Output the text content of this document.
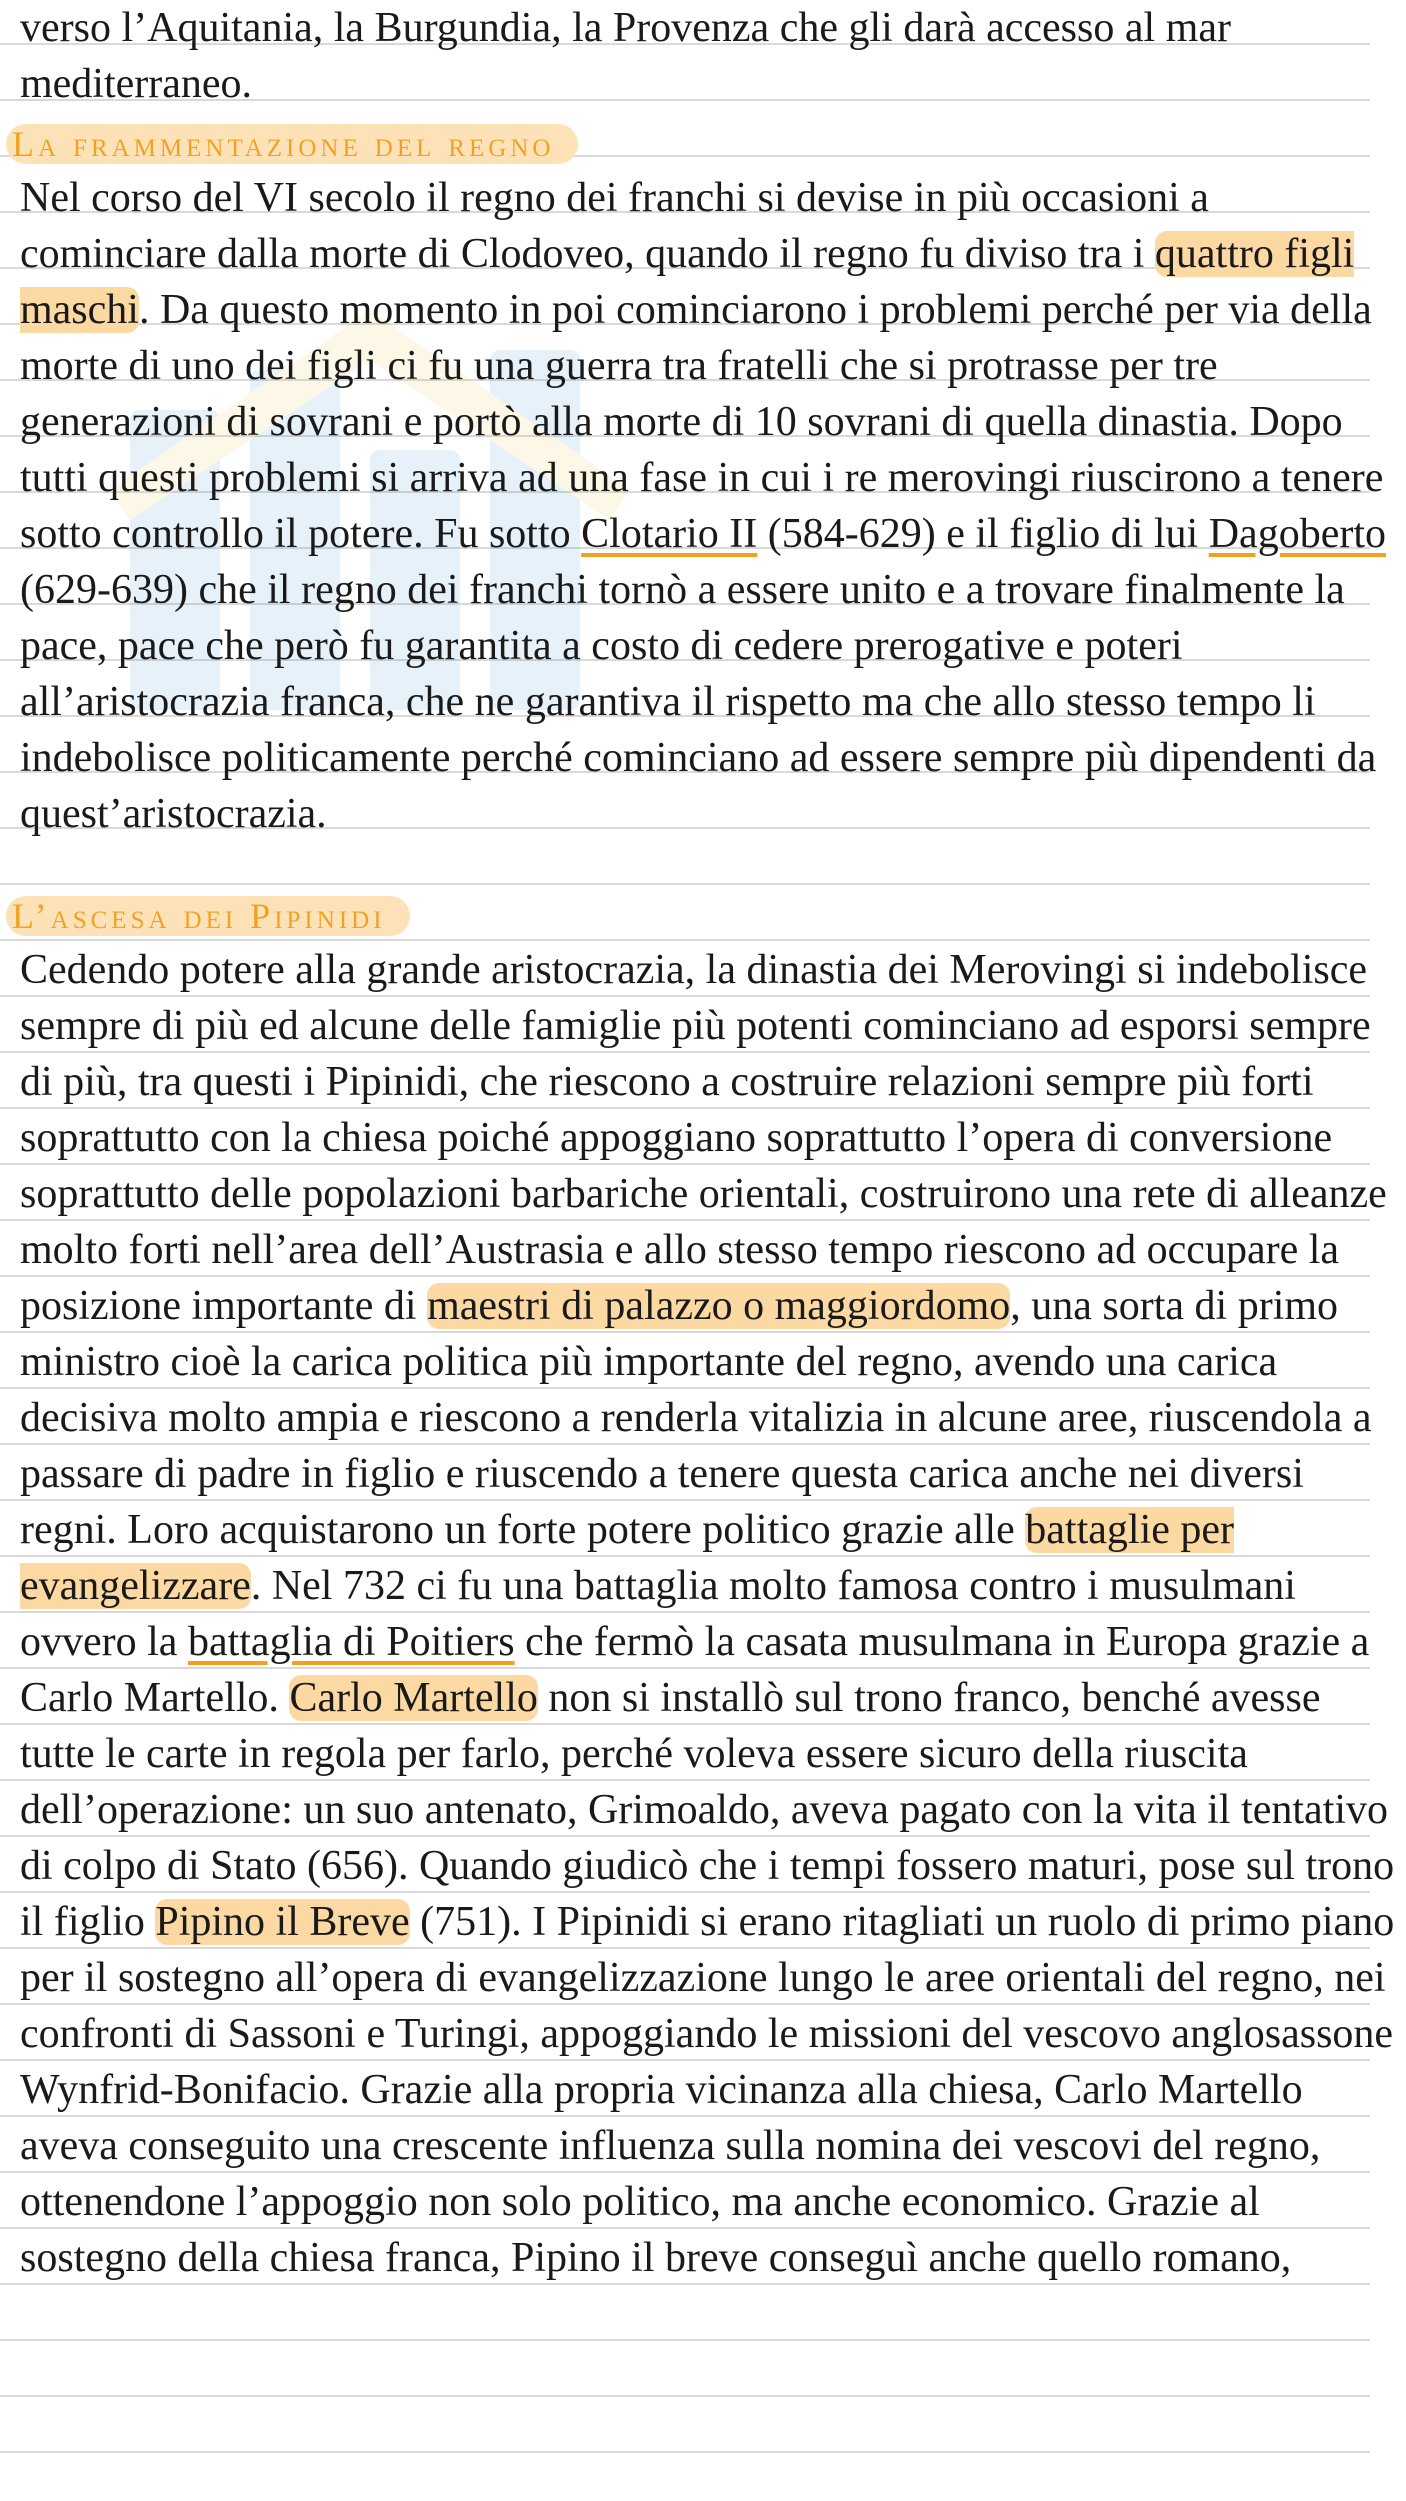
verso l’Aquitania, la Burgundia, la Provenza che gli darà accesso al mar mediterraneo.

La frammentazione del regno

Nel corso del VI secolo il regno dei franchi si devise in più occasioni a cominciare dalla morte di Clodoveo, quando il regno fu diviso tra i quattro figli maschi. Da questo momento in poi cominciarono i problemi perché per via della morte di uno dei figli ci fu una guerra tra fratelli che si protrasse per tre generazioni di sovrani e portò alla morte di 10 sovrani di quella dinastia. Dopo tutti questi problemi si arriva ad una fase in cui i re merovingi riuscirono a tenere sotto controllo il potere. Fu sotto Clotario II (584-629) e il figlio di lui Dagoberto (629-639) che il regno dei franchi tornò a essere unito e a trovare finalmente la pace, pace che però fu garantita a costo di cedere prerogative e poteri all’aristocrazia franca, che ne garantiva il rispetto ma che allo stesso tempo li indebolisce politicamente perché cominciano ad essere sempre più dipendenti da quest’aristocrazia.

L’ascesa dei Pipinidi

Cedendo potere alla grande aristocrazia, la dinastia dei Merovingi si indebolisce sempre di più ed alcune delle famiglie più potenti cominciano ad esporsi sempre di più, tra questi i Pipinidi, che riescono a costruire relazioni sempre più forti soprattutto con la chiesa poiché appoggiano soprattutto l’opera di conversione soprattutto delle popolazioni barbariche orientali, costruirono una rete di alleanze molto forti nell’area dell’Austrasia e allo stesso tempo riescono ad occupare la posizione importante di maestri di palazzo o maggiordomo, una sorta di primo ministro cioè la carica politica più importante del regno, avendo una carica decisiva molto ampia e riescono a renderla vitalizia in alcune aree, riuscendola a passare di padre in figlio e riuscendo a tenere questa carica anche nei diversi regni. Loro acquistarono un forte potere politico grazie alle battaglie per evangelizzare. Nel 732 ci fu una battaglia molto famosa contro i musulmani ovvero la battaglia di Poitiers che fermò la casata musulmana in Europa grazie a Carlo Martello. Carlo Martello non si installò sul trono franco, benché avesse tutte le carte in regola per farlo, perché voleva essere sicuro della riuscita dell’operazione: un suo antenato, Grimoaldo, aveva pagato con la vita il tentativo di colpo di Stato (656). Quando giudicò che i tempi fossero maturi, pose sul trono il figlio Pipino il Breve (751). I Pipinidi si erano ritagliati un ruolo di primo piano per il sostegno all’opera di evangelizzazione lungo le aree orientali del regno, nei confronti di Sassoni e Turingi, appoggiando le missioni del vescovo anglosassone Wynfrid-Bonifacio. Grazie alla propria vicinanza alla chiesa, Carlo Martello aveva conseguito una crescente influenza sulla nomina dei vescovi del regno, ottenendone l’appoggio non solo politico, ma anche economico. Grazie al sostegno della chiesa franca, Pipino il breve conseguì anche quello romano,
